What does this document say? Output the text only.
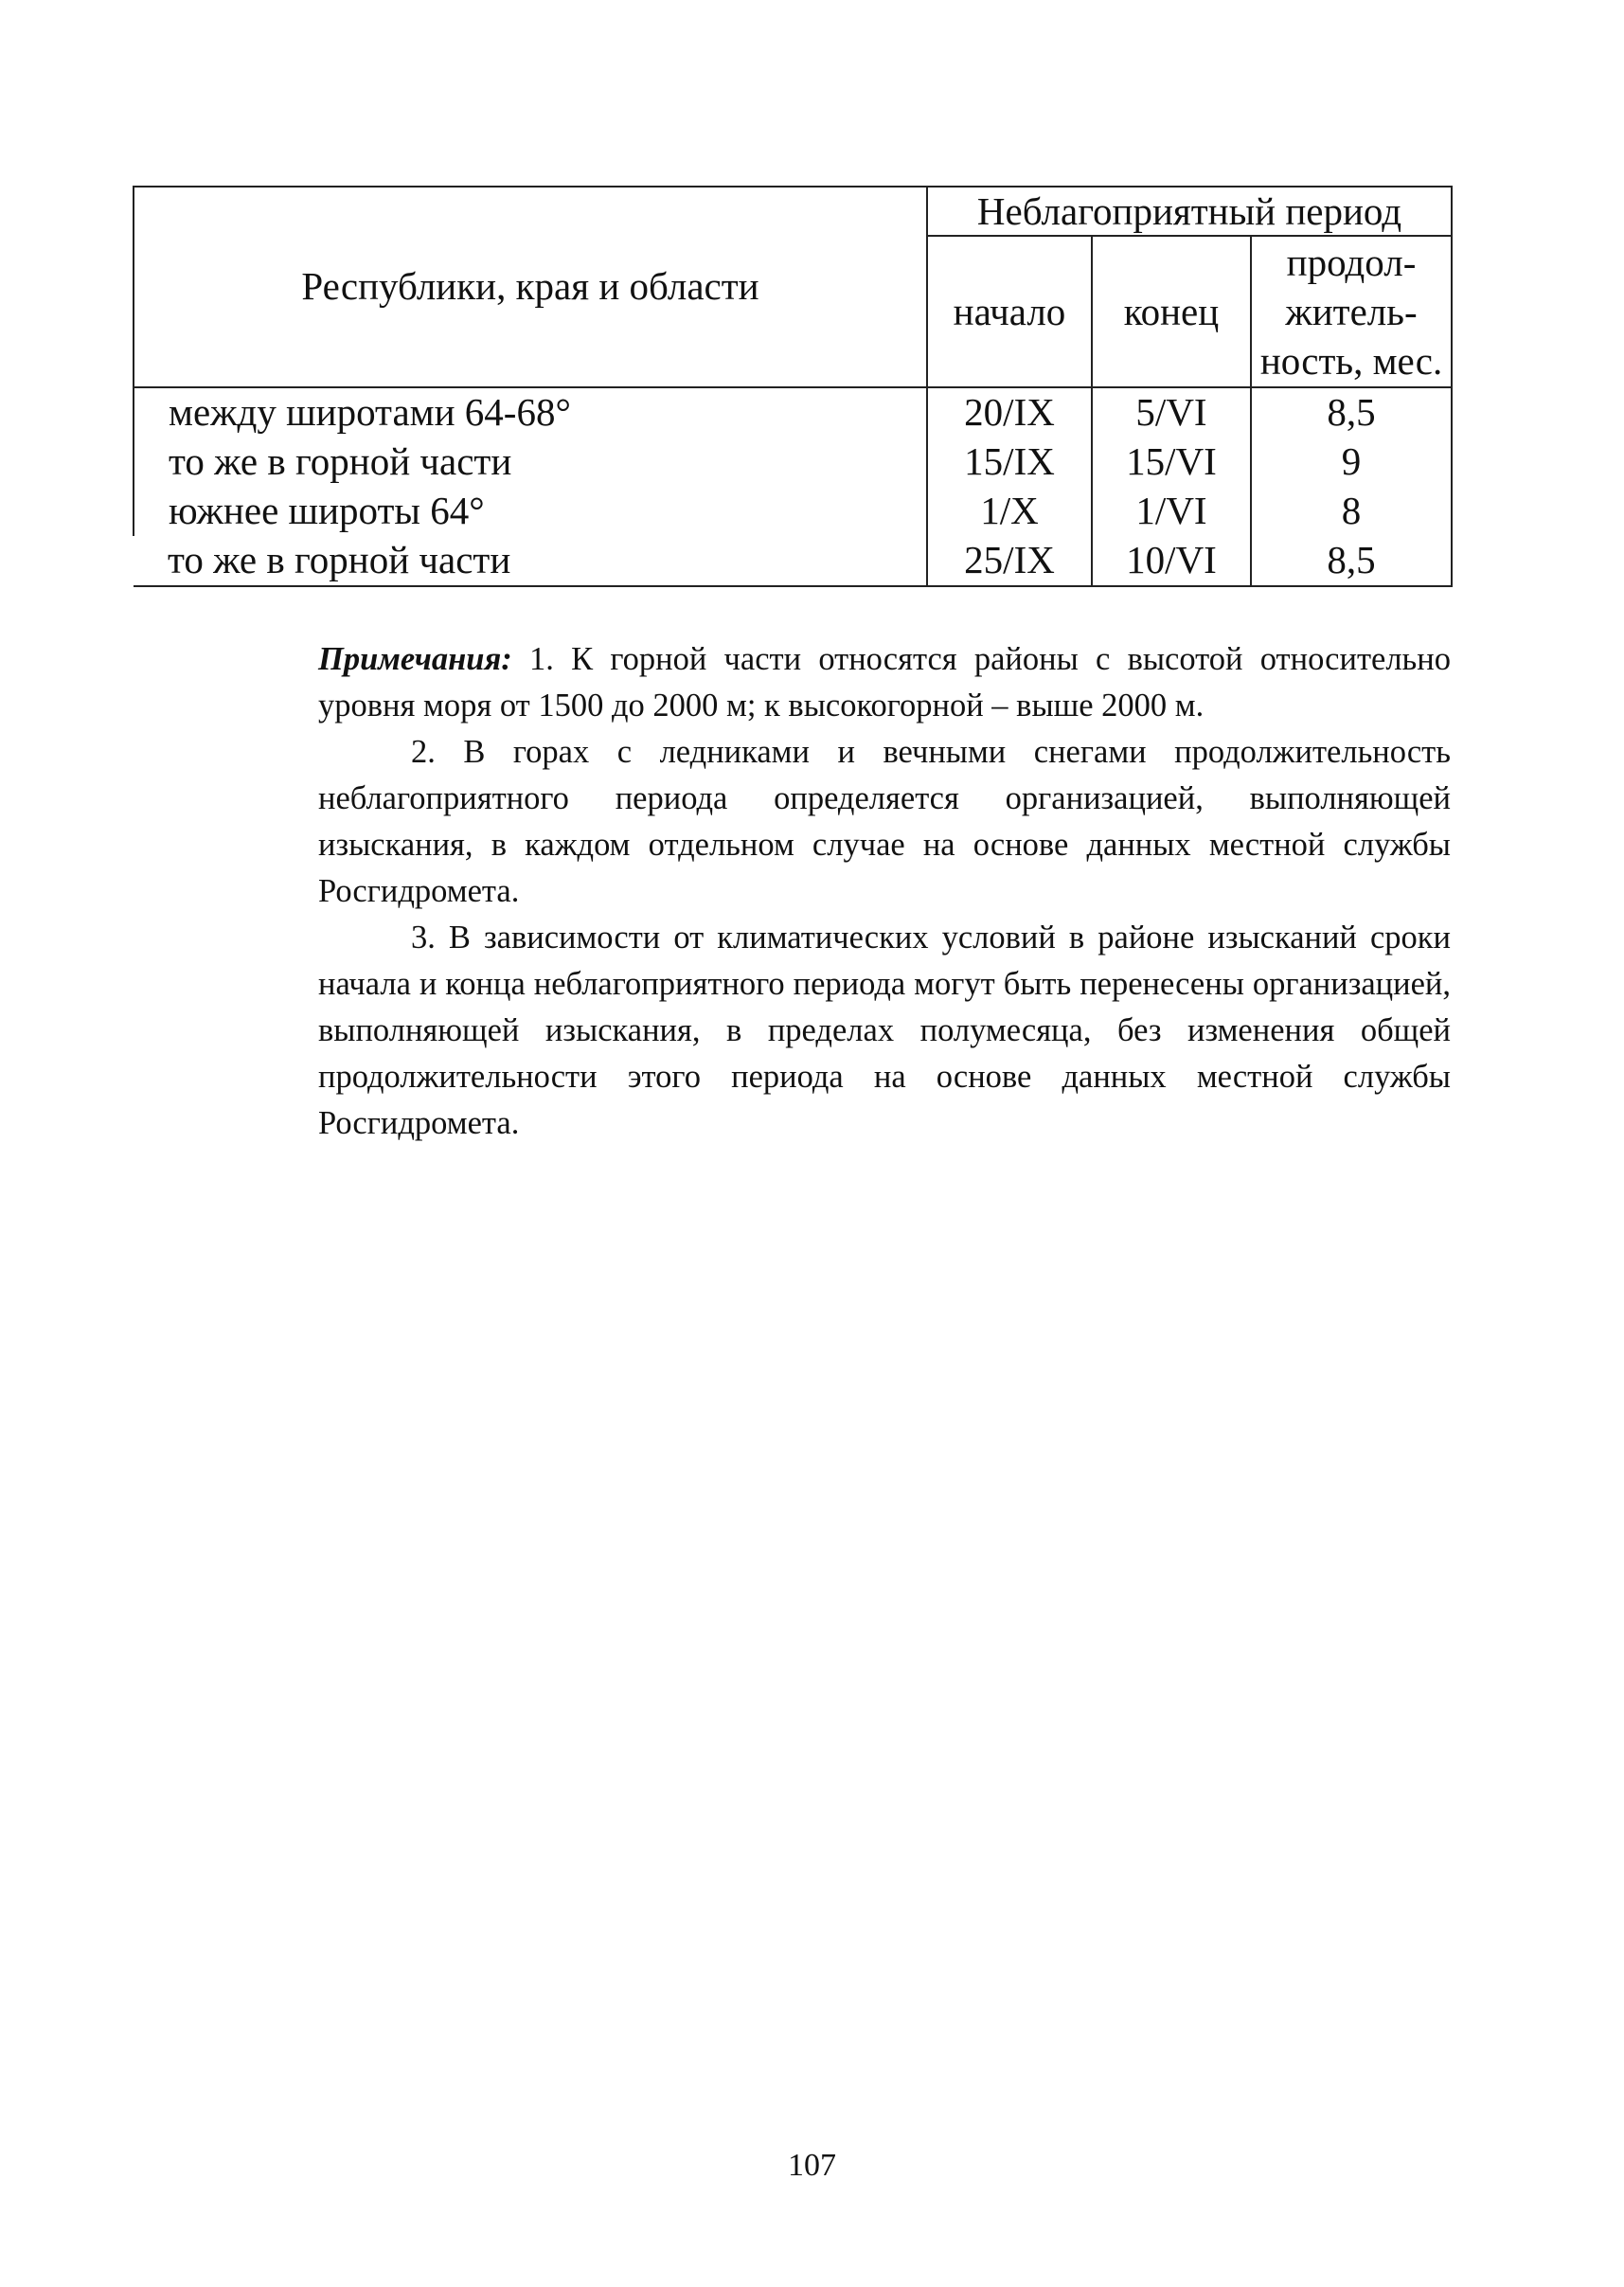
Республики, края и области	Неблагоприятный период		
	начало	конец	продол-
житель-
ность, мес.

между широтами 64-68°	20/IX	5/VI	8,5
то же в горной части	15/IX	15/VI	9
южнее широты 64°	1/X	1/VI	8
то же в горной части	25/IX	10/VI	8,5

Примечания: 1. К горной части относятся районы с высотой относительно уровня моря от 1500 до 2000 м; к высокогорной – выше 2000 м.

2. В горах с ледниками и вечными снегами продолжительность неблагоприятного периода определяется организацией, выполняющей изыскания, в каждом отдельном случае на основе данных местной службы Росгидромета.

3. В зависимости от климатических условий в районе изысканий сроки начала и конца неблагоприятного периода могут быть перенесены организацией, выполняющей изыскания, в пределах полумесяца, без изменения общей продолжительности этого периода на основе данных местной службы Росгидромета.

107
